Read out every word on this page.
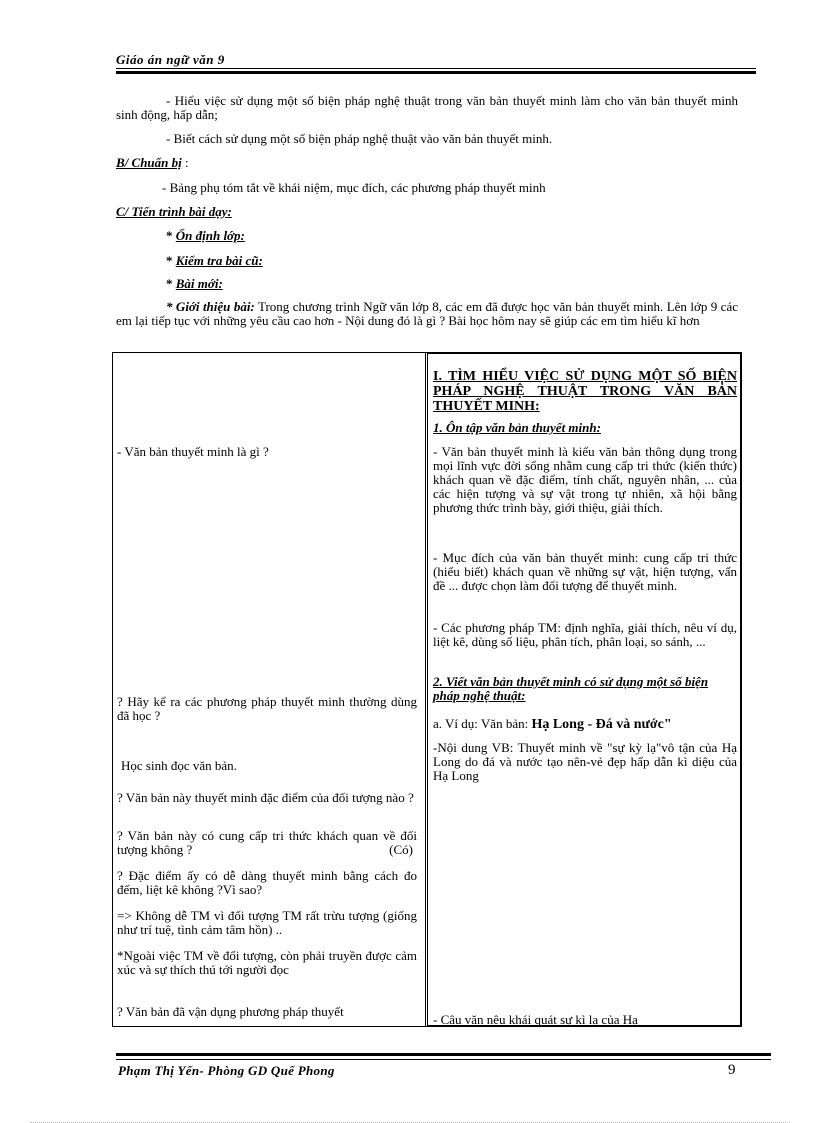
Giáo án ngữ văn 9
- Hiểu việc sử dụng một số biện pháp nghệ thuật trong văn bản thuyết minh làm cho văn bản thuyết minh sinh động, hấp dẫn;
- Biết cách sử dụng một số biện pháp nghệ thuật vào văn bản thuyết minh.
B/ Chuẩn bị :
- Bảng phụ tóm tắt về khái niệm, mục đích, các phương pháp thuyết minh
C/ Tiến trình bài dạy:
* Ổn định lớp:
* Kiểm tra bài cũ:
* Bài mới:
* Giới thiệu bài: Trong chương trình Ngữ văn lớp 8, các em đã được học văn bản thuyết minh. Lên lớp 9 các em lại tiếp tục với những yêu cầu cao hơn - Nội dung đó là gì ? Bài học hôm nay sẽ giúp các em tìm hiểu kĩ hơn
- Văn bản thuyết minh là gì ?
? Hãy kể ra các phương pháp thuyết minh thường dùng đã học ?
Học sinh đọc văn bản.
? Văn bản này thuyết minh đặc điểm của đối tượng nào ?
? Văn bản này có cung cấp tri thức khách quan về đối tượng không ?	(Có)
? Đặc điểm ấy có dễ dàng thuyết minh bằng cách đo đếm, liệt kê không ?Vì sao?
=> Không dễ TM vì đối tượng TM rất trừu tượng (giống như trí tuệ, tình cảm tâm hồn) ..
*Ngoài việc TM về đối tượng, còn phải truyền được cảm xúc và sự thích thú tới người đọc
? Văn bản đã vận dụng phương pháp thuyết
I. TÌM HIỂU VIỆC SỬ DỤNG MỘT SỐ BIỆN PHÁP NGHỆ THUẬT TRONG VĂN BẢN THUYẾT MINH:
1. Ôn tập văn bản thuyết minh:
- Văn bản thuyết minh là kiểu văn bản thông dụng trong mọi lĩnh vực đời sống nhằm cung cấp tri thức (kiến thức) khách quan về đặc điểm, tính chất, nguyên nhân, ... của các hiện tượng và sự vật trong tự nhiên, xã hội bằng phương thức trình bày, giới thiệu, giải thích.
- Mục đích của văn bản thuyết minh: cung cấp tri thức (hiểu biết) khách quan về những sự vật, hiện tượng, vấn đề ... được chọn làm đối tượng để thuyết minh.
- Các phương pháp TM: định nghĩa, giải thích, nêu ví dụ, liệt kê, dùng số liệu, phân tích, phân loại, so sánh, ...
2. Viết văn bản thuyết minh có sử dụng một số biện pháp nghệ thuật:
a. Ví dụ: Văn bản: Hạ Long - Đá và nước"
-Nội dung VB: Thuyết minh về "sự kỳ lạ"vô tận của Hạ Long do đá và nước tạo nên-vẻ đẹp hấp dẫn kì diệu của Hạ Long
- Câu văn nêu khái quát sự kì lạ của Hạ
Phạm Thị Yến- Phòng GD Quế Phong	9
